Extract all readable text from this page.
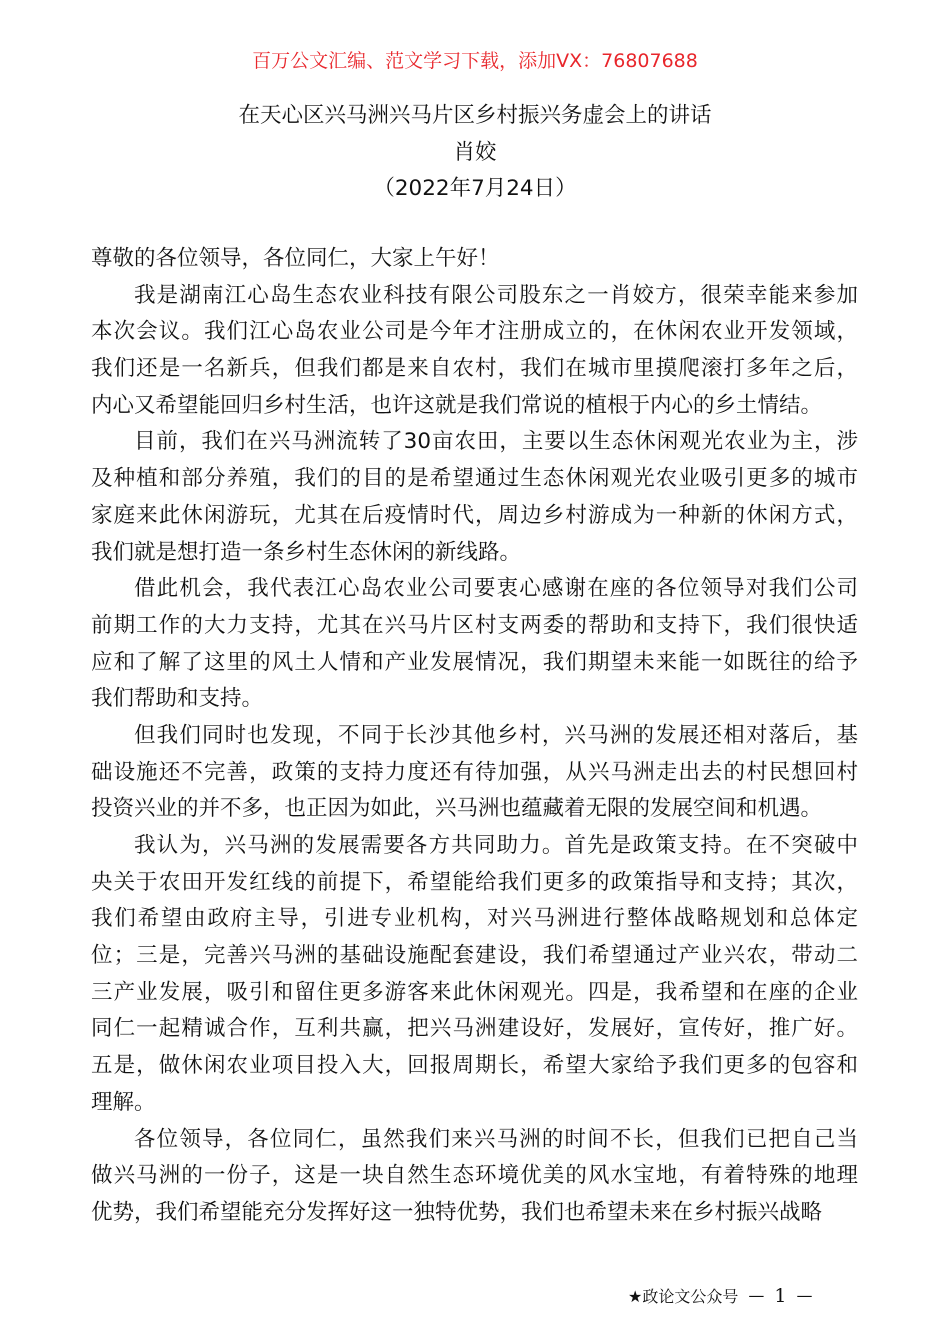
百万公文汇编、范文学习下载，添加VX：76807688
在天心区兴马洲兴马片区乡村振兴务虚会上的讲话
肖姣
（2022年7月24日）
尊敬的各位领导，各位同仁，大家上午好！
我是湖南江心岛生态农业科技有限公司股东之一肖姣方，很荣幸能来参加
本次会议。我们江心岛农业公司是今年才注册成立的，在休闲农业开发领域，
我们还是一名新兵，但我们都是来自农村，我们在城市里摸爬滚打多年之后，
内心又希望能回归乡村生活，也许这就是我们常说的植根于内心的乡土情结。
目前，我们在兴马洲流转了30亩农田，主要以生态休闲观光农业为主，涉
及种植和部分养殖，我们的目的是希望通过生态休闲观光农业吸引更多的城市
家庭来此休闲游玩，尤其在后疫情时代，周边乡村游成为一种新的休闲方式，
我们就是想打造一条乡村生态休闲的新线路。
借此机会，我代表江心岛农业公司要衷心感谢在座的各位领导对我们公司
前期工作的大力支持，尤其在兴马片区村支两委的帮助和支持下，我们很快适
应和了解了这里的风土人情和产业发展情况，我们期望未来能一如既往的给予
我们帮助和支持。
但我们同时也发现，不同于长沙其他乡村，兴马洲的发展还相对落后，基
础设施还不完善，政策的支持力度还有待加强，从兴马洲走出去的村民想回村
投资兴业的并不多，也正因为如此，兴马洲也蕴藏着无限的发展空间和机遇。
我认为，兴马洲的发展需要各方共同助力。首先是政策支持。在不突破中
央关于农田开发红线的前提下，希望能给我们更多的政策指导和支持；其次，
我们希望由政府主导，引进专业机构，对兴马洲进行整体战略规划和总体定
位；三是，完善兴马洲的基础设施配套建设，我们希望通过产业兴农，带动二
三产业发展，吸引和留住更多游客来此休闲观光。四是，我希望和在座的企业
同仁一起精诚合作，互利共赢，把兴马洲建设好，发展好，宣传好，推广好。
五是，做休闲农业项目投入大，回报周期长，希望大家给予我们更多的包容和
理解。
各位领导，各位同仁，虽然我们来兴马洲的时间不长，但我们已把自己当
做兴马洲的一份子，这是一块自然生态环境优美的风水宝地，有着特殊的地理
优势，我们希望能充分发挥好这一独特优势，我们也希望未来在乡村振兴战略
★政论文公众号 — 1 —
